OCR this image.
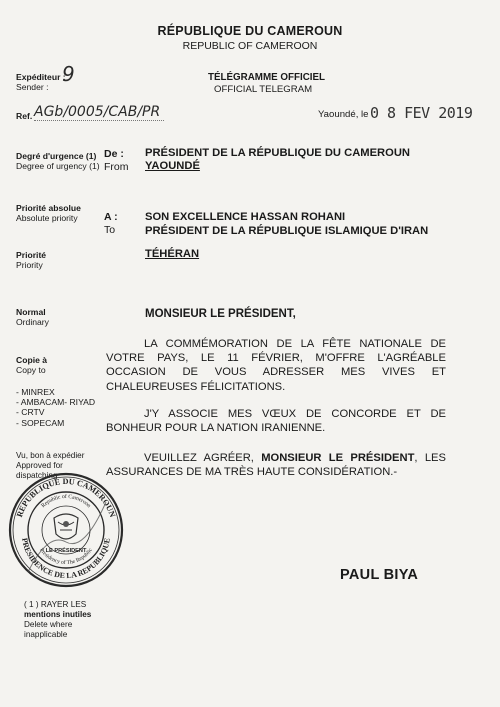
RÉPUBLIQUE DU CAMEROUN
REPUBLIC OF CAMEROON
Expéditeur :
Sender :
9	TÉLÉGRAMME OFFICIEL
OFFICIAL TELEGRAM
Ref. AGb/0005/CAB/PR	Yaoundé, le 0 8 FEV 2019
Degré d'urgence (1)
Degree of urgency (1)
Priorité absolue
Absolute priority
Priorité
Priority
Normal
Ordinary
Copie à
Copy to
- MINREX
- AMBACAM- RIYAD
- CRTV
- SOPECAM
Vu, bon à expédier
Approved for
dispatching
REPUBLIQUE DU CAMEROUN
PRESIDENCE DE LA REPUBLIQUE
Republic of Cameroon
Presidency of The Republic
LE PRÉSIDENT
( 1 ) RAYER LES
mentions inutiles
Delete where
inapplicable
De :
From
PRÉSIDENT DE LA RÉPUBLIQUE DU CAMEROUN
YAOUNDÉ
A :
To
SON EXCELLENCE HASSAN ROHANI
PRÉSIDENT DE LA RÉPUBLIQUE ISLAMIQUE D'IRAN
TÉHÉRAN
MONSIEUR LE PRÉSIDENT,
LA COMMÉMORATION DE LA FÊTE NATIONALE DE VOTRE PAYS, LE 11 FÉVRIER, M'OFFRE L'AGRÉABLE OCCASION DE VOUS ADRESSER MES VIVES ET CHALEUREUSES FÉLICITATIONS.
J'Y ASSOCIE MES VŒUX DE CONCORDE ET DE BONHEUR POUR LA NATION IRANIENNE.
VEUILLEZ AGRÉER, MONSIEUR LE PRÉSIDENT, LES ASSURANCES DE MA TRÈS HAUTE CONSIDÉRATION.-
PAUL BIYA
